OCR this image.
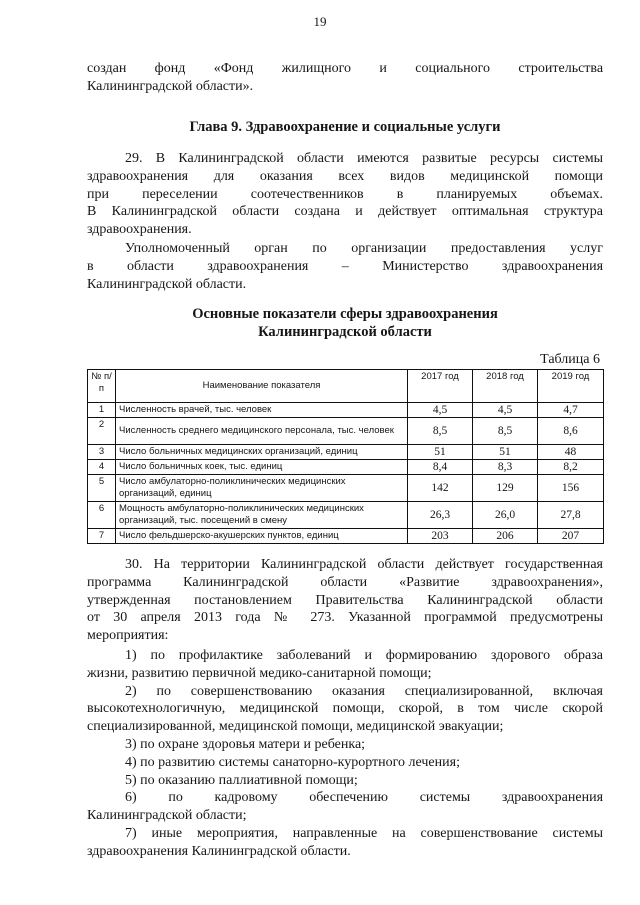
19
создан фонд «Фонд жилищного и социального строительства
Калининградской области».
Глава 9. Здравоохранение и социальные услуги
29. В Калининградской области имеются развитые ресурсы системы
здравоохранения для оказания всех видов медицинской помощи
при переселении соотечественников в планируемых объемах.
В Калининградской области создана и действует оптимальная структура
здравоохранения.
Уполномоченный орган по организации предоставления услуг
в области здравоохранения – Министерство здравоохранения
Калининградской области.
Основные показатели сферы здравоохранения
Калининградской области
Таблица 6
№ п/п	Наименование показателя	2017 год	2018 год	2019 год
1	Численность врачей, тыс. человек	4,5	4,5	4,7
2	Численность среднего медицинского персонала, тыс. человек	8,5	8,5	8,6
3	Число больничных медицинских организаций, единиц	51	51	48
4	Число больничных коек, тыс. единиц	8,4	8,3	8,2
5	Число амбулаторно-поликлинических медицинских организаций, единиц	142	129	156
6	Мощность амбулаторно-поликлинических медицинских организаций, тыс. посещений в смену	26,3	26,0	27,8
7	Число фельдшерско-акушерских пунктов, единиц	203	206	207
30. На территории Калининградской области действует государственная
программа Калининградской области «Развитие здравоохранения»,
утвержденная постановлением Правительства Калининградской области
от 30 апреля 2013 года № 273. Указанной программой предусмотрены
мероприятия:
1) по профилактике заболеваний и формированию здорового образа
жизни, развитию первичной медико-санитарной помощи;
2) по совершенствованию оказания специализированной, включая
высокотехнологичную, медицинской помощи, скорой, в том числе скорой
специализированной, медицинской помощи, медицинской эвакуации;
3) по охране здоровья матери и ребенка;
4) по развитию системы санаторно-курортного лечения;
5) по оказанию паллиативной помощи;
6) по кадровому обеспечению системы здравоохранения
Калининградской области;
7) иные мероприятия, направленные на совершенствование системы
здравоохранения Калининградской области.
